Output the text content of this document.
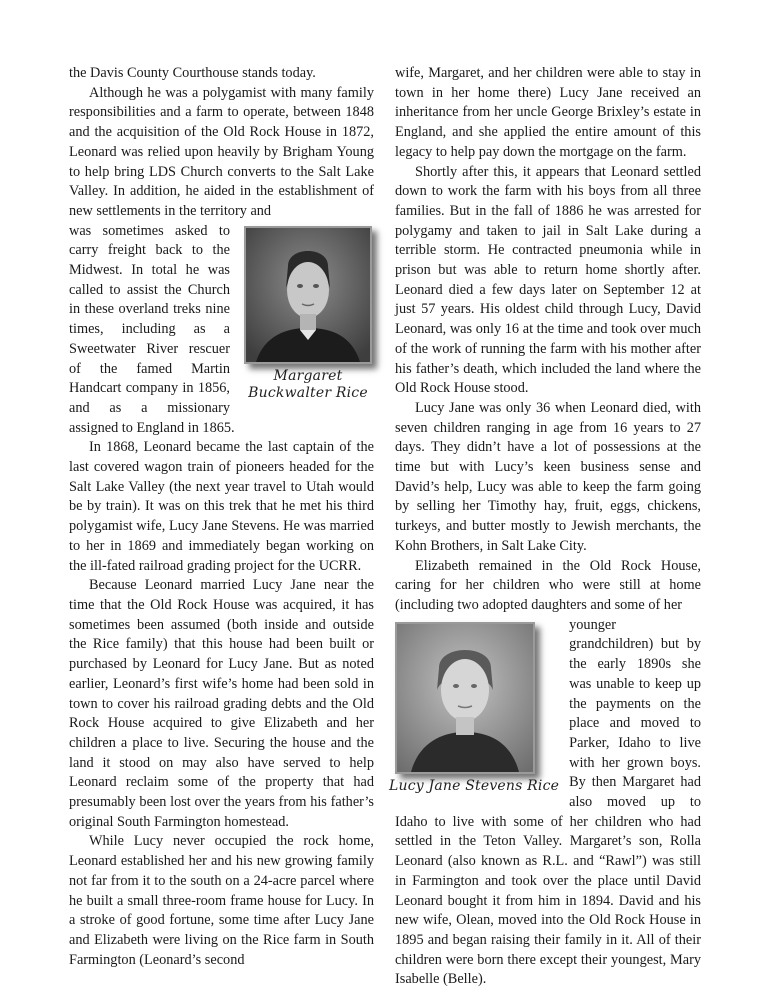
the Davis County Courthouse stands today.

Although he was a polygamist with many family responsibilities and a farm to operate, between 1848 and the acquisition of the Old Rock House in 1872, Leonard was relied upon heavily by Brigham Young to help bring LDS Church converts to the Salt Lake Valley. In addition, he aided in the establishment of new settlements in the territory and

Margaret
Buckwalter Rice

was sometimes asked to carry freight back to the Midwest. In total he was called to assist the Church in these overland treks nine times, including as a Sweetwater River rescuer of the famed Martin Handcart company in 1856, and as a missionary assigned to England in 1865.

In 1868, Leonard became the last captain of the last covered wagon train of pioneers headed for the Salt Lake Valley (the next year travel to Utah would be by train). It was on this trek that he met his third polygamist wife, Lucy Jane Stevens. He was married to her in 1869 and immediately began working on the ill-fated railroad grading project for the UCRR.

Because Leonard married Lucy Jane near the time that the Old Rock House was acquired, it has sometimes been assumed (both inside and outside the Rice family) that this house had been built or purchased by Leonard for Lucy Jane. But as noted earlier, Leonard’s first wife’s home had been sold in town to cover his railroad grading debts and the Old Rock House acquired to give Elizabeth and her children a place to live. Securing the house and the land it stood on may also have served to help Leonard reclaim some of the property that had presumably been lost over the years from his father’s original South Farmington homestead.

While Lucy never occupied the rock home, Leonard established her and his new growing family not far from it to the south on a 24-acre parcel where he built a small three-room frame house for Lucy. In a stroke of good fortune, some time after Lucy Jane and Elizabeth were living on the Rice farm in South Farmington (Leonard’s second

wife, Margaret, and her children were able to stay in town in her home there) Lucy Jane received an inheritance from her uncle George Brixley’s estate in England, and she applied the entire amount of this legacy to help pay down the mortgage on the farm.

Shortly after this, it appears that Leonard settled down to work the farm with his boys from all three families. But in the fall of 1886 he was arrested for polygamy and taken to jail in Salt Lake during a terrible storm. He contracted pneumonia while in prison but was able to return home shortly after. Leonard died a few days later on September 12 at just 57 years. His oldest child through Lucy, David Leonard, was only 16 at the time and took over much of the work of running the farm with his mother after his father’s death, which included the land where the Old Rock House stood.

Lucy Jane was only 36 when Leonard died, with seven children ranging in age from 16 years to 27 days. They didn’t have a lot of possessions at the time but with Lucy’s keen business sense and David’s help, Lucy was able to keep the farm going by selling her Timothy hay, fruit, eggs, chickens, turkeys, and butter mostly to Jewish merchants, the Kohn Brothers, in Salt Lake City.

Elizabeth remained in the Old Rock House, caring for her children who were still at home (including two adopted daughters and some of her

Lucy Jane Stevens Rice

younger grandchildren) but by the early 1890s she was unable to keep up the payments on the place and moved to Parker, Idaho to live with her grown boys. By then Margaret had also moved up to Idaho to live with some of her children who had settled in the Teton Valley. Margaret’s son, Rolla Leonard (also known as R.L. and “Rawl”) was still in Farmington and took over the place until David Leonard bought it from him in 1894. David and his new wife, Olean, moved into the Old Rock House in 1895 and began raising their family in it. All of their children were born there except their youngest, Mary Isabelle (Belle).
